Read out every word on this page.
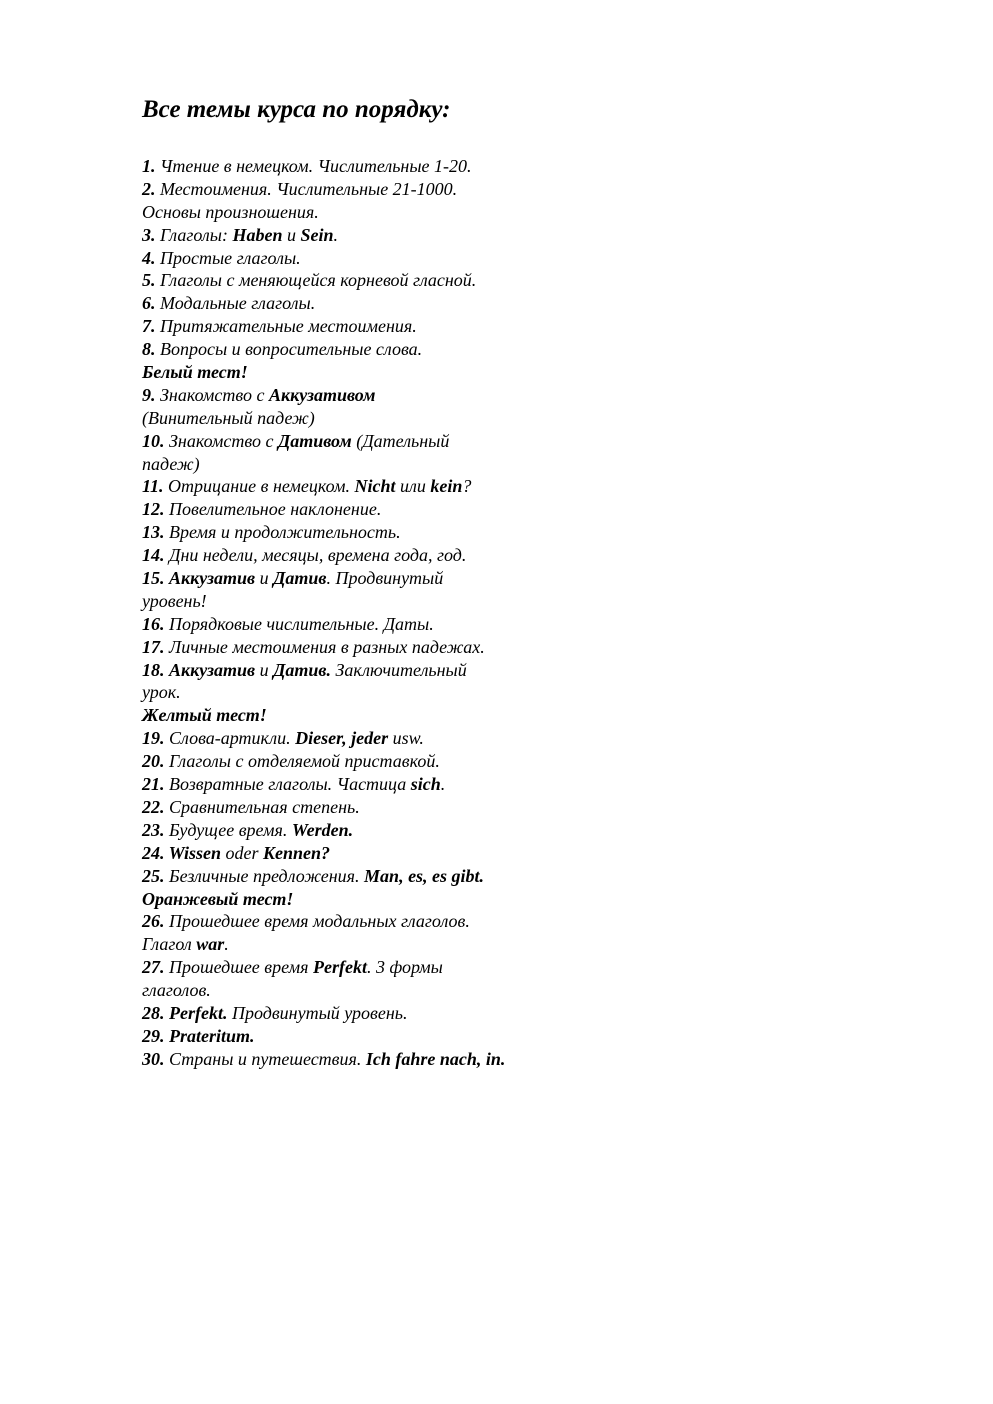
Все темы курса по порядку:
1. Чтение в немецком. Числительные 1-20.
2. Местоимения. Числительные 21-1000.
Основы произношения.
3. Глаголы: Haben и Sein.
4. Простые глаголы.
5. Глаголы с меняющейся корневой гласной.
6. Модальные глаголы.
7. Притяжательные местоимения.
8. Вопросы и вопросительные слова.
Белый тест!
9. Знакомство с Аккузативом
(Винительный падеж)
10. Знакомство с Дативом (Дательный
падеж)
11. Отрицание в немецком. Nicht или kein?
12. Повелительное наклонение.
13. Время и продолжительность.
14. Дни недели, месяцы, времена года, год.
15. Аккузатив и Датив. Продвинутый
уровень!
16. Порядковые числительные. Даты.
17. Личные местоимения в разных падежах.
18. Аккузатив и Датив. Заключительный
урок.
Желтый тест!
19. Слова-артикли. Dieser, jeder usw.
20. Глаголы с отделяемой приставкой.
21. Возвратные глаголы. Частица sich.
22. Сравнительная степень.
23. Будущее время. Werden.
24. Wissen oder Kennen?
25. Безличные предложения. Man, es, es gibt.
Оранжевый тест!
26. Прошедшее время модальных глаголов.
Глагол war.
27. Прошедшее время Perfekt. 3 формы
глаголов.
28. Perfekt. Продвинутый уровень.
29. Prateritum.
30. Страны и путешествия. Ich fahre nach, in.
